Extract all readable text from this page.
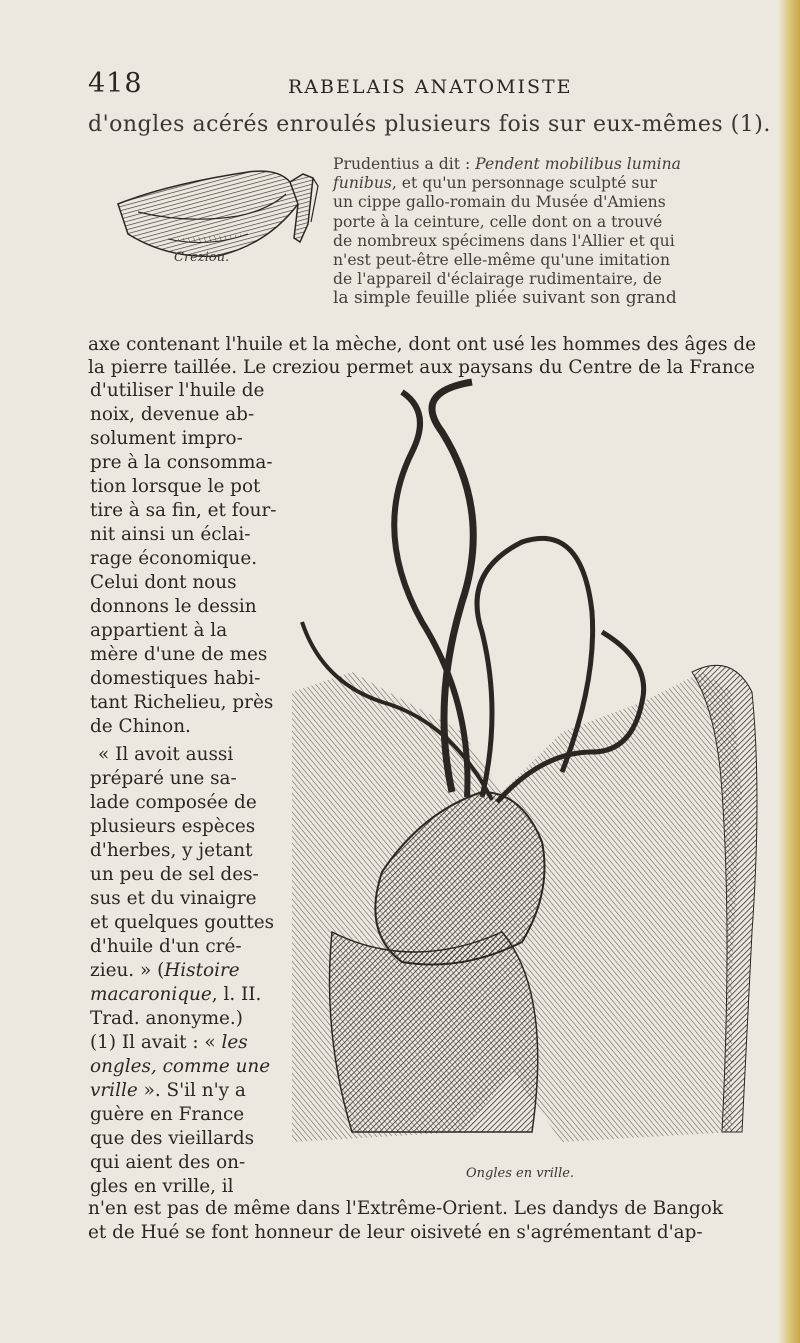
418	RABELAIS ANATOMISTE
d'ongles acérés enroulés plusieurs fois sur eux-mêmes (1).
Creziou.
Prudentius a dit : Pendent mobilibus lumina
funibus, et qu'un personnage sculpté sur
un cippe gallo-romain du Musée d'Amiens
porte à la ceinture, celle dont on a trouvé
de nombreux spécimens dans l'Allier et qui
n'est peut-être elle-même qu'une imitation
de l'appareil d'éclairage rudimentaire, de
la simple feuille pliée suivant son grand
axe contenant l'huile et la mèche, dont ont usé les hommes des âges de
la pierre taillée. Le creziou permet aux paysans du Centre de la France
d'utiliser l'huile de
noix, devenue ab-
solument impro-
pre à la consomma-
tion lorsque le pot
tire à sa fin, et four-
nit ainsi un éclai-
rage économique.
Celui dont nous
donnons le dessin
appartient à la
mère d'une de mes
domestiques habi-
tant Richelieu, près
de Chinon.
« Il avoit aussi
préparé une sa-
lade composée de
plusieurs espèces
d'herbes, y jetant
un peu de sel des-
sus et du vinaigre
et quelques gouttes
d'huile d'un cré-
zieu. » (Histoire
macaronique, l. II.
Trad. anonyme.)
(1) Il avait : « les
ongles, comme une
vrille ». S'il n'y a
guère en France
que des vieillards
qui aient des on-
gles en vrille, il
Ongles en vrille.
n'en est pas de même dans l'Extrême-Orient. Les dandys de Bangok
et de Hué se font honneur de leur oisiveté en s'agrémentant d'ap-
